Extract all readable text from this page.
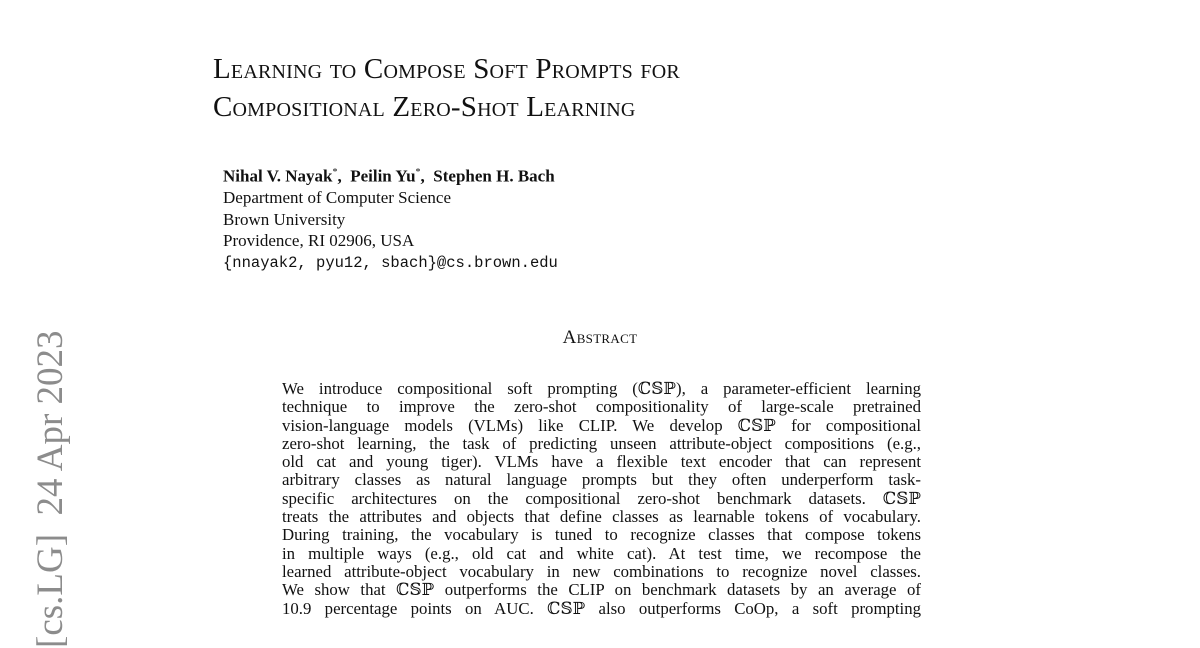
[cs.LG]  24 Apr 2023
Learning to Compose Soft Prompts for
Compositional Zero-Shot Learning
Nihal V. Nayak*,  Peilin Yu*,  Stephen H. Bach
Department of Computer Science
Brown University
Providence, RI 02906, USA
{nnayak2, pyu12, sbach}@cs.brown.edu
Abstract
We introduce compositional soft prompting (ℂ𝕊ℙ), a parameter-efficient learning
technique to improve the zero-shot compositionality of large-scale pretrained
vision-language models (VLMs) like CLIP. We develop ℂ𝕊ℙ for compositional
zero-shot learning, the task of predicting unseen attribute-object compositions (e.g.,
old cat and young tiger). VLMs have a flexible text encoder that can represent
arbitrary classes as natural language prompts but they often underperform task-
specific architectures on the compositional zero-shot benchmark datasets. ℂ𝕊ℙ
treats the attributes and objects that define classes as learnable tokens of vocabulary.
During training, the vocabulary is tuned to recognize classes that compose tokens
in multiple ways (e.g., old cat and white cat). At test time, we recompose the
learned attribute-object vocabulary in new combinations to recognize novel classes.
We show that ℂ𝕊ℙ outperforms the CLIP on benchmark datasets by an average of
10.9 percentage points on AUC. ℂ𝕊ℙ also outperforms CoOp, a soft prompting
